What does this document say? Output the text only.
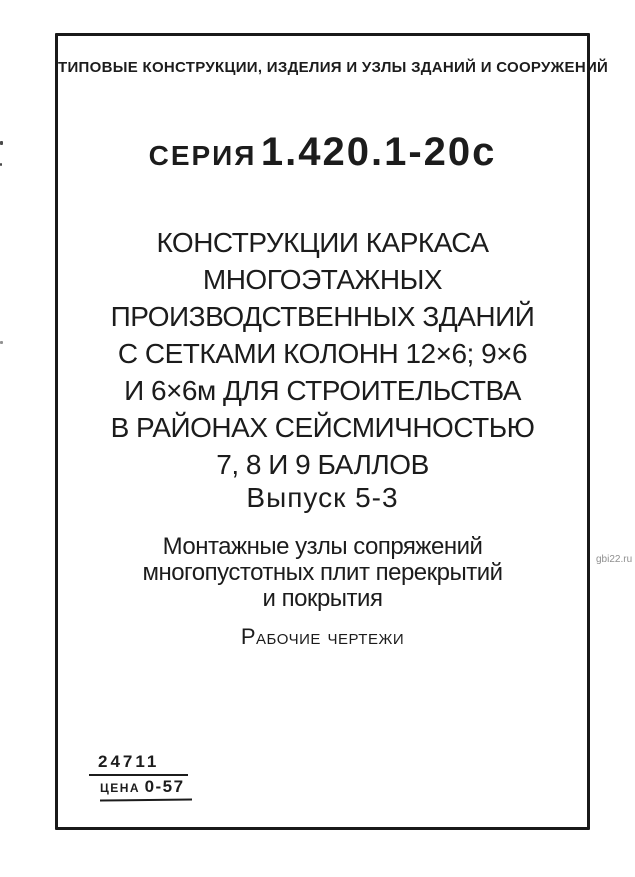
gbi22.ru
ТИПОВЫЕ КОНСТРУКЦИИ, ИЗДЕЛИЯ И УЗЛЫ ЗДАНИЙ И СООРУЖЕНИЙ
СЕРИЯ 1.420.1-20с
КОНСТРУКЦИИ КАРКАСА
МНОГОЭТАЖНЫХ
ПРОИЗВОДСТВЕННЫХ ЗДАНИЙ
С СЕТКАМИ КОЛОНН 12×6; 9×6
И 6×6м ДЛЯ СТРОИТЕЛЬСТВА
В РАЙОНАХ СЕЙСМИЧНОСТЬЮ
7, 8 И 9 БАЛЛОВ
Выпуск 5-3
Монтажные узлы сопряжений
многопустотных плит перекрытий
и покрытия
Рабочие чертежи
24711
ЦЕНА 0-57
